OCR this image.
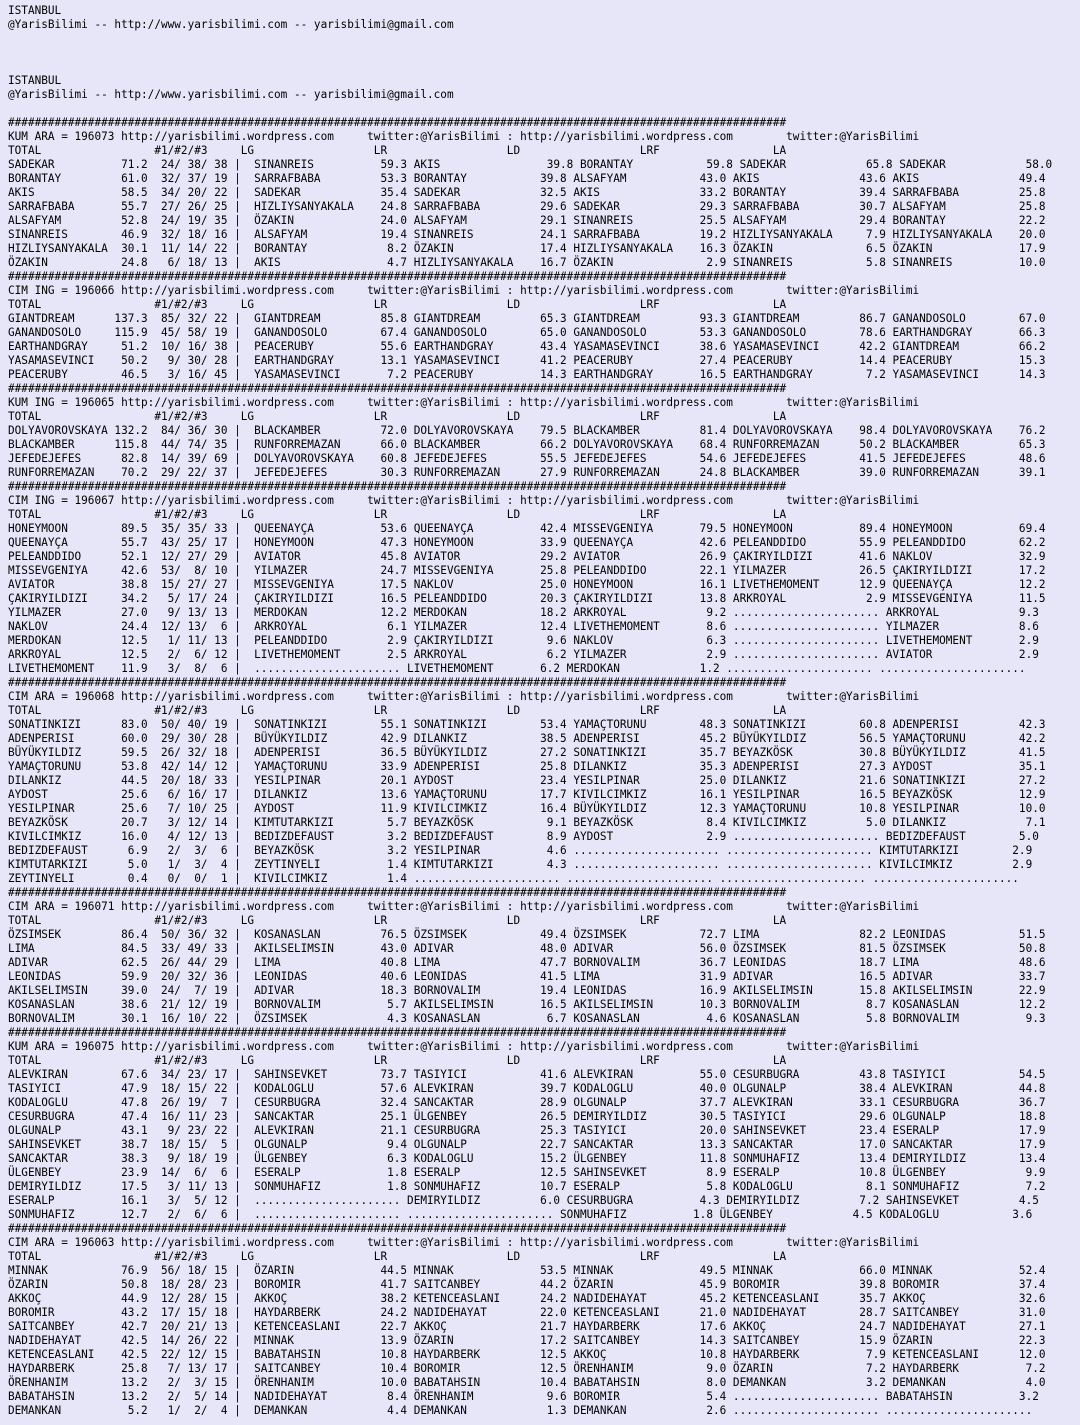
ISTANBUL
@YarisBilimi -- http://www.yarisbilimi.com -- yarisbilimi@gmail.com
ISTANBUL
@YarisBilimi -- http://www.yarisbilimi.com -- yarisbilimi@gmail.com
#####################################################################################################################
KUM ARA = 196073 http://yarisbilimi.wordpress.com     twitter:@YarisBilimi : http://yarisbilimi.wordpress.com        twitter:@YarisBilimi
TOTAL                 #1/#2/#3     LG                  LR                  LD                  LRF                 LA
SADEKAR          71.2  24/ 38/ 38 |  SINANREIS          59.3 AKIS                39.8 BORANTAY           59.8 SADEKAR            65.8 SADEKAR            58.0
BORANTAY         61.0  32/ 37/ 19 |  SARRAFBABA         53.3 BORANTAY           39.8 ALSAFYAM           43.0 AKIS               43.6 AKIS               49.4
AKIS             58.5  34/ 20/ 22 |  SADEKAR            35.4 SADEKAR            32.5 AKIS               33.2 BORANTAY           39.4 SARRAFBABA         25.8
SARRAFBABA       55.7  27/ 26/ 25 |  HIZLIYSANYAKALA    24.8 SARRAFBABA         29.6 SADEKAR            29.3 SARRAFBABA         30.7 ALSAFYAM           25.8
ALSAFYAM         52.8  24/ 19/ 35 |  ÖZAKIN             24.0 ALSAFYAM           29.1 SINANREIS          25.5 ALSAFYAM           29.4 BORANTAY           22.2
SINANREIS        46.9  32/ 18/ 16 |  ALSAFYAM           19.4 SINANREIS          24.1 SARRAFBABA         19.2 HIZLIYSANYAKALA     7.9 HIZLIYSANYAKALA    20.0
HIZLIYSANYAKALA  30.1  11/ 14/ 22 |  BORANTAY            8.2 ÖZAKIN             17.4 HIZLIYSANYAKALA    16.3 ÖZAKIN              6.5 ÖZAKIN             17.9
ÖZAKIN           24.8   6/ 18/ 13 |  AKIS                4.7 HIZLIYSANYAKALA    16.7 ÖZAKIN              2.9 SINANREIS           5.8 SINANREIS          10.0
#####################################################################################################################
CIM ING = 196066 http://yarisbilimi.wordpress.com     twitter:@YarisBilimi : http://yarisbilimi.wordpress.com        twitter:@YarisBilimi
TOTAL                 #1/#2/#3     LG                  LR                  LD                  LRF                 LA
GIANTDREAM      137.3  85/ 32/ 22 |  GIANTDREAM         85.8 GIANTDREAM         65.3 GIANTDREAM         93.3 GIANTDREAM         86.7 GANANDOSOLO        67.0
GANANDOSOLO     115.9  45/ 58/ 19 |  GANANDOSOLO        67.4 GANANDOSOLO        65.0 GANANDOSOLO        53.3 GANANDOSOLO        78.6 EARTHANDGRAY       66.3
EARTHANDGRAY     51.2  10/ 16/ 38 |  PEACERUBY          55.6 EARTHANDGRAY       43.4 YASAMASEVINCI      38.6 YASAMASEVINCI      42.2 GIANTDREAM         66.2
YASAMASEVINCI    50.2   9/ 30/ 28 |  EARTHANDGRAY       13.1 YASAMASEVINCI      41.2 PEACERUBY          27.4 PEACERUBY          14.4 PEACERUBY          15.3
PEACERUBY        46.5   3/ 16/ 45 |  YASAMASEVINCI       7.2 PEACERUBY          14.3 EARTHANDGRAY       16.5 EARTHANDGRAY        7.2 YASAMASEVINCI      14.3
#####################################################################################################################
KUM ING = 196065 http://yarisbilimi.wordpress.com     twitter:@YarisBilimi : http://yarisbilimi.wordpress.com        twitter:@YarisBilimi
TOTAL                 #1/#2/#3     LG                  LR                  LD                  LRF                 LA
DOLYAVOROVSKAYA 132.2  84/ 36/ 30 |  BLACKAMBER         72.0 DOLYAVOROVSKAYA    79.5 BLACKAMBER         81.4 DOLYAVOROVSKAYA    98.4 DOLYAVOROVSKAYA    76.2
BLACKAMBER      115.8  44/ 74/ 35 |  RUNFORREMAZAN      66.0 BLACKAMBER         66.2 DOLYAVOROVSKAYA    68.4 RUNFORREMAZAN      50.2 BLACKAMBER         65.3
JEFEDEJEFES      82.8  14/ 39/ 69 |  DOLYAVOROVSKAYA    60.8 JEFEDEJEFES        55.5 JEFEDEJEFES        54.6 JEFEDEJEFES        41.5 JEFEDEJEFES        48.6
RUNFORREMAZAN    70.2  29/ 22/ 37 |  JEFEDEJEFES        30.3 RUNFORREMAZAN      27.9 RUNFORREMAZAN      24.8 BLACKAMBER         39.0 RUNFORREMAZAN      39.1
#####################################################################################################################
CIM ING = 196067 http://yarisbilimi.wordpress.com     twitter:@YarisBilimi : http://yarisbilimi.wordpress.com        twitter:@YarisBilimi
TOTAL                 #1/#2/#3     LG                  LR                  LD                  LRF                 LA
HONEYMOON        89.5  35/ 35/ 33 |  QUEENAYÇA          53.6 QUEENAYÇA          42.4 MISSEVGENIYA       79.5 HONEYMOON          89.4 HONEYMOON          69.4
QUEENAYÇA        55.7  43/ 25/ 17 |  HONEYMOON          47.3 HONEYMOON          33.9 QUEENAYÇA          42.6 PELEANDDIDO        55.9 PELEANDDIDO        62.2
PELEANDDIDO      52.1  12/ 27/ 29 |  AVIATOR            45.8 AVIATOR            29.2 AVIATOR            26.9 ÇAKIRYILDIZI       41.6 NAKLOV             32.9
MISSEVGENIYA     42.6  53/  8/ 10 |  YILMAZER           24.7 MISSEVGENIYA       25.8 PELEANDDIDO        22.1 YILMAZER           26.5 ÇAKIRYILDIZI       17.2
AVIATOR          38.8  15/ 27/ 27 |  MISSEVGENIYA       17.5 NAKLOV             25.0 HONEYMOON          16.1 LIVETHEMOMENT      12.9 QUEENAYÇA          12.2
ÇAKIRYILDIZI     34.2   5/ 17/ 24 |  ÇAKIRYILDIZI       16.5 PELEANDDIDO        20.3 ÇAKIRYILDIZI       13.8 ARKROYAL            2.9 MISSEVGENIYA       11.5
YILMAZER         27.0   9/ 13/ 13 |  MERDOKAN           12.2 MERDOKAN           18.2 ARKROYAL            9.2 ...................... ARKROYAL            9.3
NAKLOV           24.4  12/ 13/  6 |  ARKROYAL            6.1 YILMAZER           12.4 LIVETHEMOMENT       8.6 ...................... YILMAZER            8.6
MERDOKAN         12.5   1/ 11/ 13 |  PELEANDDIDO         2.9 ÇAKIRYILDIZI        9.6 NAKLOV              6.3 ...................... LIVETHEMOMENT       2.9
ARKROYAL         12.5   2/  6/ 12 |  LIVETHEMOMENT       2.5 ARKROYAL            6.2 YILMAZER            2.9 ...................... AVIATOR             2.9
LIVETHEMOMENT    11.9   3/  8/  6 |  ...................... LIVETHEMOMENT       6.2 MERDOKAN            1.2 ...................... ......................
#####################################################################################################################
CIM ARA = 196068 http://yarisbilimi.wordpress.com     twitter:@YarisBilimi : http://yarisbilimi.wordpress.com        twitter:@YarisBilimi
TOTAL                 #1/#2/#3     LG                  LR                  LD                  LRF                 LA
SONATINKIZI      83.0  50/ 40/ 19 |  SONATINKIZI        55.1 SONATINKIZI        53.4 YAMAÇTORUNU        48.3 SONATINKIZI        60.8 ADENPERISI         42.3
ADENPERISI       60.0  29/ 30/ 28 |  BÜYÜKYILDIZ        42.9 DILANKIZ           38.5 ADENPERISI         45.2 BÜYÜKYILDIZ        56.5 YAMAÇTORUNU        42.2
BÜYÜKYILDIZ      59.5  26/ 32/ 18 |  ADENPERISI         36.5 BÜYÜKYILDIZ        27.2 SONATINKIZI        35.7 BEYAZKÖSK          30.8 BÜYÜKYILDIZ        41.5
YAMAÇTORUNU      53.8  42/ 14/ 12 |  YAMAÇTORUNU        33.9 ADENPERISI         25.8 DILANKIZ           35.3 ADENPERISI         27.3 AYDOST             35.1
DILANKIZ         44.5  20/ 18/ 33 |  YESILPINAR         20.1 AYDOST             23.4 YESILPINAR         25.0 DILANKIZ           21.6 SONATINKIZI        27.2
AYDOST           25.6   6/ 16/ 17 |  DILANKIZ           13.6 YAMAÇTORUNU        17.7 KIVILCIMKIZ        16.1 YESILPINAR         16.5 BEYAZKÖSK          12.9
YESILPINAR       25.6   7/ 10/ 25 |  AYDOST             11.9 KIVILCIMKIZ        16.4 BÜYÜKYILDIZ        12.3 YAMAÇTORUNU        10.8 YESILPINAR         10.0
BEYAZKÖSK        20.7   3/ 12/ 14 |  KIMTUTARKIZI        5.7 BEYAZKÖSK           9.1 BEYAZKÖSK           8.4 KIVILCIMKIZ         5.0 DILANKIZ            7.1
KIVILCIMKIZ      16.0   4/ 12/ 13 |  BEDIZDEFAUST        3.2 BEDIZDEFAUST        8.9 AYDOST              2.9 ...................... BEDIZDEFAUST        5.0
BEDIZDEFAUST      6.9   2/  3/  6 |  BEYAZKÖSK           3.2 YESILPINAR          4.6 ...................... ...................... KIMTUTARKIZI        2.9
KIMTUTARKIZI      5.0   1/  3/  4 |  ZEYTINYELI          1.4 KIMTUTARKIZI        4.3 ...................... ...................... KIVILCIMKIZ         2.9
ZEYTINYELI        0.4   0/  0/  1 |  KIVILCIMKIZ         1.4 ...................... ...................... ...................... ......................
#####################################################################################################################
CIM ARA = 196071 http://yarisbilimi.wordpress.com     twitter:@YarisBilimi : http://yarisbilimi.wordpress.com        twitter:@YarisBilimi
TOTAL                 #1/#2/#3     LG                  LR                  LD                  LRF                 LA
ÖZSIMSEK         86.4  50/ 36/ 32 |  KOSANASLAN         76.5 ÖZSIMSEK           49.4 ÖZSIMSEK           72.7 LIMA               82.2 LEONIDAS           51.5
LIMA             84.5  33/ 49/ 33 |  AKILSELIMSIN       43.0 ADIVAR             48.0 ADIVAR             56.0 ÖZSIMSEK           81.5 ÖZSIMSEK           50.8
ADIVAR           62.5  26/ 44/ 29 |  LIMA               40.8 LIMA               47.7 BORNOVALIM         36.7 LEONIDAS           18.7 LIMA               48.6
LEONIDAS         59.9  20/ 32/ 36 |  LEONIDAS           40.6 LEONIDAS           41.5 LIMA               31.9 ADIVAR             16.5 ADIVAR             33.7
AKILSELIMSIN     39.0  24/  7/ 19 |  ADIVAR             18.3 BORNOVALIM         19.4 LEONIDAS           16.9 AKILSELIMSIN       15.8 AKILSELIMSIN       22.9
KOSANASLAN       38.6  21/ 12/ 19 |  BORNOVALIM          5.7 AKILSELIMSIN       16.5 AKILSELIMSIN       10.3 BORNOVALIM          8.7 KOSANASLAN         12.2
BORNOVALIM       30.1  16/ 10/ 22 |  ÖZSIMSEK            4.3 KOSANASLAN          6.7 KOSANASLAN          4.6 KOSANASLAN          5.8 BORNOVALIM          9.3
#####################################################################################################################
KUM ARA = 196075 http://yarisbilimi.wordpress.com     twitter:@YarisBilimi : http://yarisbilimi.wordpress.com        twitter:@YarisBilimi
TOTAL                 #1/#2/#3     LG                  LR                  LD                  LRF                 LA
ALEVKIRAN        67.6  34/ 23/ 17 |  SAHINSEVKET        73.7 TASIYICI           41.6 ALEVKIRAN          55.0 CESURBUGRA         43.8 TASIYICI           54.5
TASIYICI         47.9  18/ 15/ 22 |  KODALOGLU          57.6 ALEVKIRAN          39.7 KODALOGLU          40.0 OLGUNALP           38.4 ALEVKIRAN          44.8
KODALOGLU        47.8  26/ 19/  7 |  CESURBUGRA         32.4 SANCAKTAR          28.9 OLGUNALP           37.7 ALEVKIRAN          33.1 CESURBUGRA         36.7
CESURBUGRA       47.4  16/ 11/ 23 |  SANCAKTAR          25.1 ÜLGENBEY           26.5 DEMIRYILDIZ        30.5 TASIYICI           29.6 OLGUNALP           18.8
OLGUNALP         43.1   9/ 23/ 22 |  ALEVKIRAN          21.1 CESURBUGRA         25.3 TASIYICI           20.0 SAHINSEVKET        23.4 ESERALP            17.9
SAHINSEVKET      38.7  18/ 15/  5 |  OLGUNALP            9.4 OLGUNALP           22.7 SANCAKTAR          13.3 SANCAKTAR          17.0 SANCAKTAR          17.9
SANCAKTAR        38.3   9/ 18/ 19 |  ÜLGENBEY            6.3 KODALOGLU          15.2 ÜLGENBEY           11.8 SONMUHAFIZ         13.4 DEMIRYILDIZ        13.4
ÜLGENBEY         23.9  14/  6/  6 |  ESERALP             1.8 ESERALP            12.5 SAHINSEVKET         8.9 ESERALP            10.8 ÜLGENBEY            9.9
DEMIRYILDIZ      17.5   3/ 11/ 13 |  SONMUHAFIZ          1.8 SONMUHAFIZ         10.7 ESERALP             5.8 KODALOGLU           8.1 SONMUHAFIZ          7.2
ESERALP          16.1   3/  5/ 12 |  ...................... DEMIRYILDIZ         6.0 CESURBUGRA          4.3 DEMIRYILDIZ         7.2 SAHINSEVKET         4.5
SONMUHAFIZ       12.7   2/  6/  6 |  ...................... ...................... SONMUHAFIZ          1.8 ÜLGENBEY            4.5 KODALOGLU           3.6
#####################################################################################################################
CIM ARA = 196063 http://yarisbilimi.wordpress.com     twitter:@YarisBilimi : http://yarisbilimi.wordpress.com        twitter:@YarisBilimi
TOTAL                 #1/#2/#3     LG                  LR                  LD                  LRF                 LA
MINNAK           76.9  56/ 18/ 15 |  ÖZARIN             44.5 MINNAK             53.5 MINNAK             49.5 MINNAK             66.0 MINNAK             52.4
ÖZARIN           50.8  18/ 28/ 23 |  BOROMIR            41.7 SAITCANBEY         44.2 ÖZARIN             45.9 BOROMIR            39.8 BOROMIR            37.4
AKKOÇ            44.9  12/ 28/ 15 |  AKKOÇ              38.2 KETENCEASLANI      24.2 NADIDEHAYAT        45.2 KETENCEASLANI      35.7 AKKOÇ              32.6
BOROMIR          43.2  17/ 15/ 18 |  HAYDARBERK         24.2 NADIDEHAYAT        22.0 KETENCEASLANI      21.0 NADIDEHAYAT        28.7 SAITCANBEY         31.0
SAITCANBEY       42.7  20/ 21/ 13 |  KETENCEASLANI      22.7 AKKOÇ              21.7 HAYDARBERK         17.6 AKKOÇ              24.7 NADIDEHAYAT        27.1
NADIDEHAYAT      42.5  14/ 26/ 22 |  MINNAK             13.9 ÖZARIN             17.2 SAITCANBEY         14.3 SAITCANBEY         15.9 ÖZARIN             22.3
KETENCEASLANI    42.5  22/ 12/ 15 |  BABATAHSIN         10.8 HAYDARBERK         12.5 AKKOÇ              10.8 HAYDARBERK          7.9 KETENCEASLANI      12.0
HAYDARBERK       25.8   7/ 13/ 17 |  SAITCANBEY         10.4 BOROMIR            12.5 ÖRENHANIM           9.0 ÖZARIN              7.2 HAYDARBERK          7.2
ÖRENHANIM        13.2   2/  3/ 15 |  ÖRENHANIM          10.0 BABATAHSIN         10.4 BABATAHSIN          8.0 DEMANKAN            3.2 DEMANKAN            4.0
BABATAHSIN       13.2   2/  5/ 14 |  NADIDEHAYAT         8.4 ÖRENHANIM           9.6 BOROMIR             5.4 ...................... BABATAHSIN          3.2
DEMANKAN          5.2   1/  2/  4 |  DEMANKAN            4.4 DEMANKAN            1.3 DEMANKAN            2.6 ...................... ......................
